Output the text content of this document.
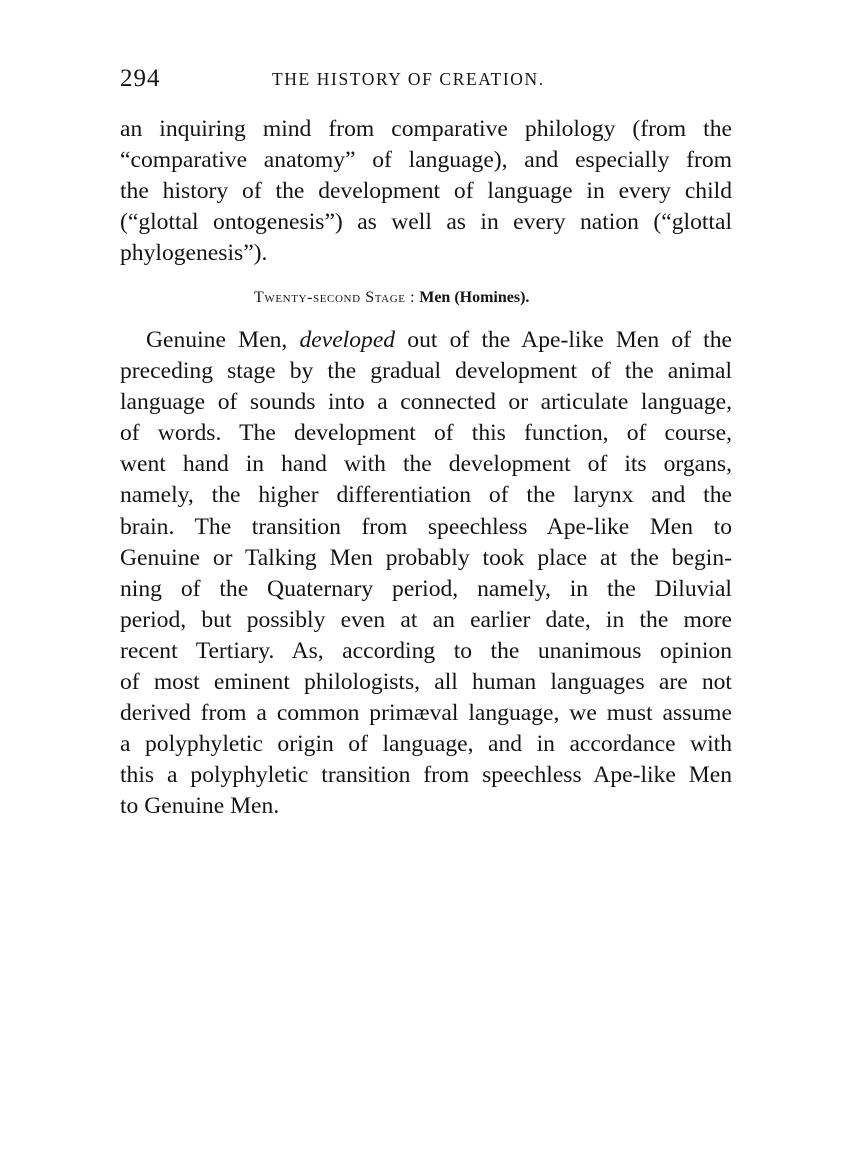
294	THE HISTORY OF CREATION.
an inquiring mind from comparative philology (from the
“comparative anatomy” of language), and especially from
the history of the development of language in every child
(“glottal ontogenesis”) as well as in every nation (“glottal
phylogenesis”).
Twenty-second Stage : Men (Homines).
Genuine Men, developed out of the Ape-like Men of the
preceding stage by the gradual development of the animal
language of sounds into a connected or articulate language,
of words. The development of this function, of course,
went hand in hand with the development of its organs,
namely, the higher differentiation of the larynx and the
brain. The transition from speechless Ape-like Men to
Genuine or Talking Men probably took place at the begin-
ning of the Quaternary period, namely, in the Diluvial
period, but possibly even at an earlier date, in the more
recent Tertiary. As, according to the unanimous opinion
of most eminent philologists, all human languages are not
derived from a common primæval language, we must assume
a polyphyletic origin of language, and in accordance with
this a polyphyletic transition from speechless Ape-like Men
to Genuine Men.
